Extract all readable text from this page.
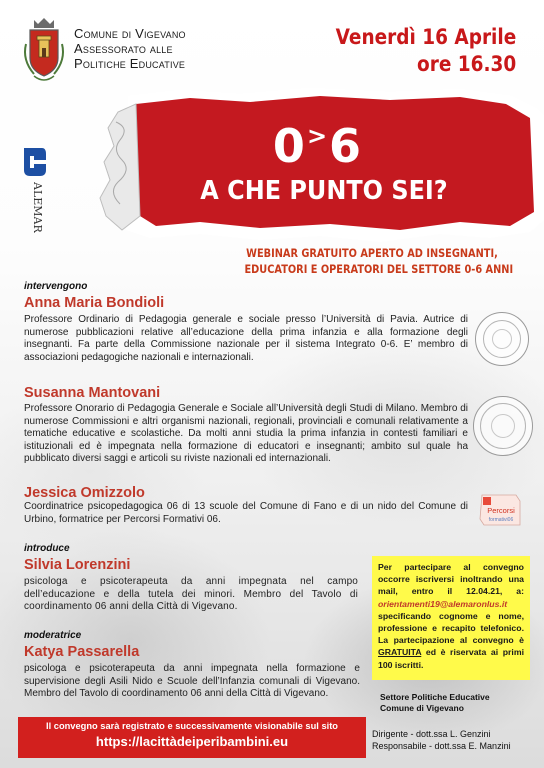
Comune di Vigevano
Assessorato alle
Politiche Educative
Venerdì 16 Aprile
ore 16.30
ALEMAR
0>6
A CHE PUNTO SEI?
WEBINAR GRATUITO APERTO AD INSEGNANTI,
EDUCATORI E OPERATORI DEL SETTORE 0-6 ANNI
intervengono
Anna Maria Bondioli
Professore Ordinario di Pedagogia generale e sociale presso l’Università di Pavia. Autrice di numerose pubblicazioni relative all’educazione della prima infanzia e alla formazione degli insegnanti. Fa parte della Commissione nazionale per il sistema Integrato 0-6. E’ membro di associazioni pedagogiche nazionali e internazionali.
Susanna Mantovani
Professore Onorario di Pedagogia Generale e Sociale all’Università degli Studi di Milano. Membro di numerose Commissioni e altri organismi nazionali, regionali, provinciali e comunali relativamente a tematiche educative e scolastiche. Da molti anni studia la prima infanzia in contesti familiari e istituzionali ed è impegnata nella formazione di educatori e insegnanti; ambito sul quale ha pubblicato diversi saggi e articoli su riviste nazionali ed internazionali.
Jessica Omizzolo
Coordinatrice psicopedagogica 06 di 13 scuole del Comune di Fano e di un nido del Comune di Urbino, formatrice per Percorsi Formativi 06.
Percorsi
formativi06
introduce
Silvia Lorenzini
psicologa e psicoterapeuta da anni impegnata nel campo dell’educazione e della tutela dei minori. Membro del Tavolo di coordinamento 06 anni della Città di Vigevano.
moderatrice
Katya Passarella
psicologa e psicoterapeuta da anni impegnata nella formazione e supervisione degli Asili Nido e Scuole dell’Infanzia comunali di Vigevano. Membro del Tavolo di coordinamento 06 anni della Città di Vigevano.
Per partecipare al convegno occorre iscriversi inoltrando una mail, entro il 12.04.21, a: orientamenti19@alemaronlus.it specificando cognome e nome, professione e recapito telefonico. La partecipazione al convegno è GRATUITA ed è riservata ai primi 100 iscritti.
Settore Politiche Educative
Comune di Vigevano
Dirigente - dott.ssa L. Genzini
Responsabile - dott.ssa E. Manzini
Il convegno sarà registrato e successivamente visionabile sul sito
https://lacittàdeiperibambini.eu
